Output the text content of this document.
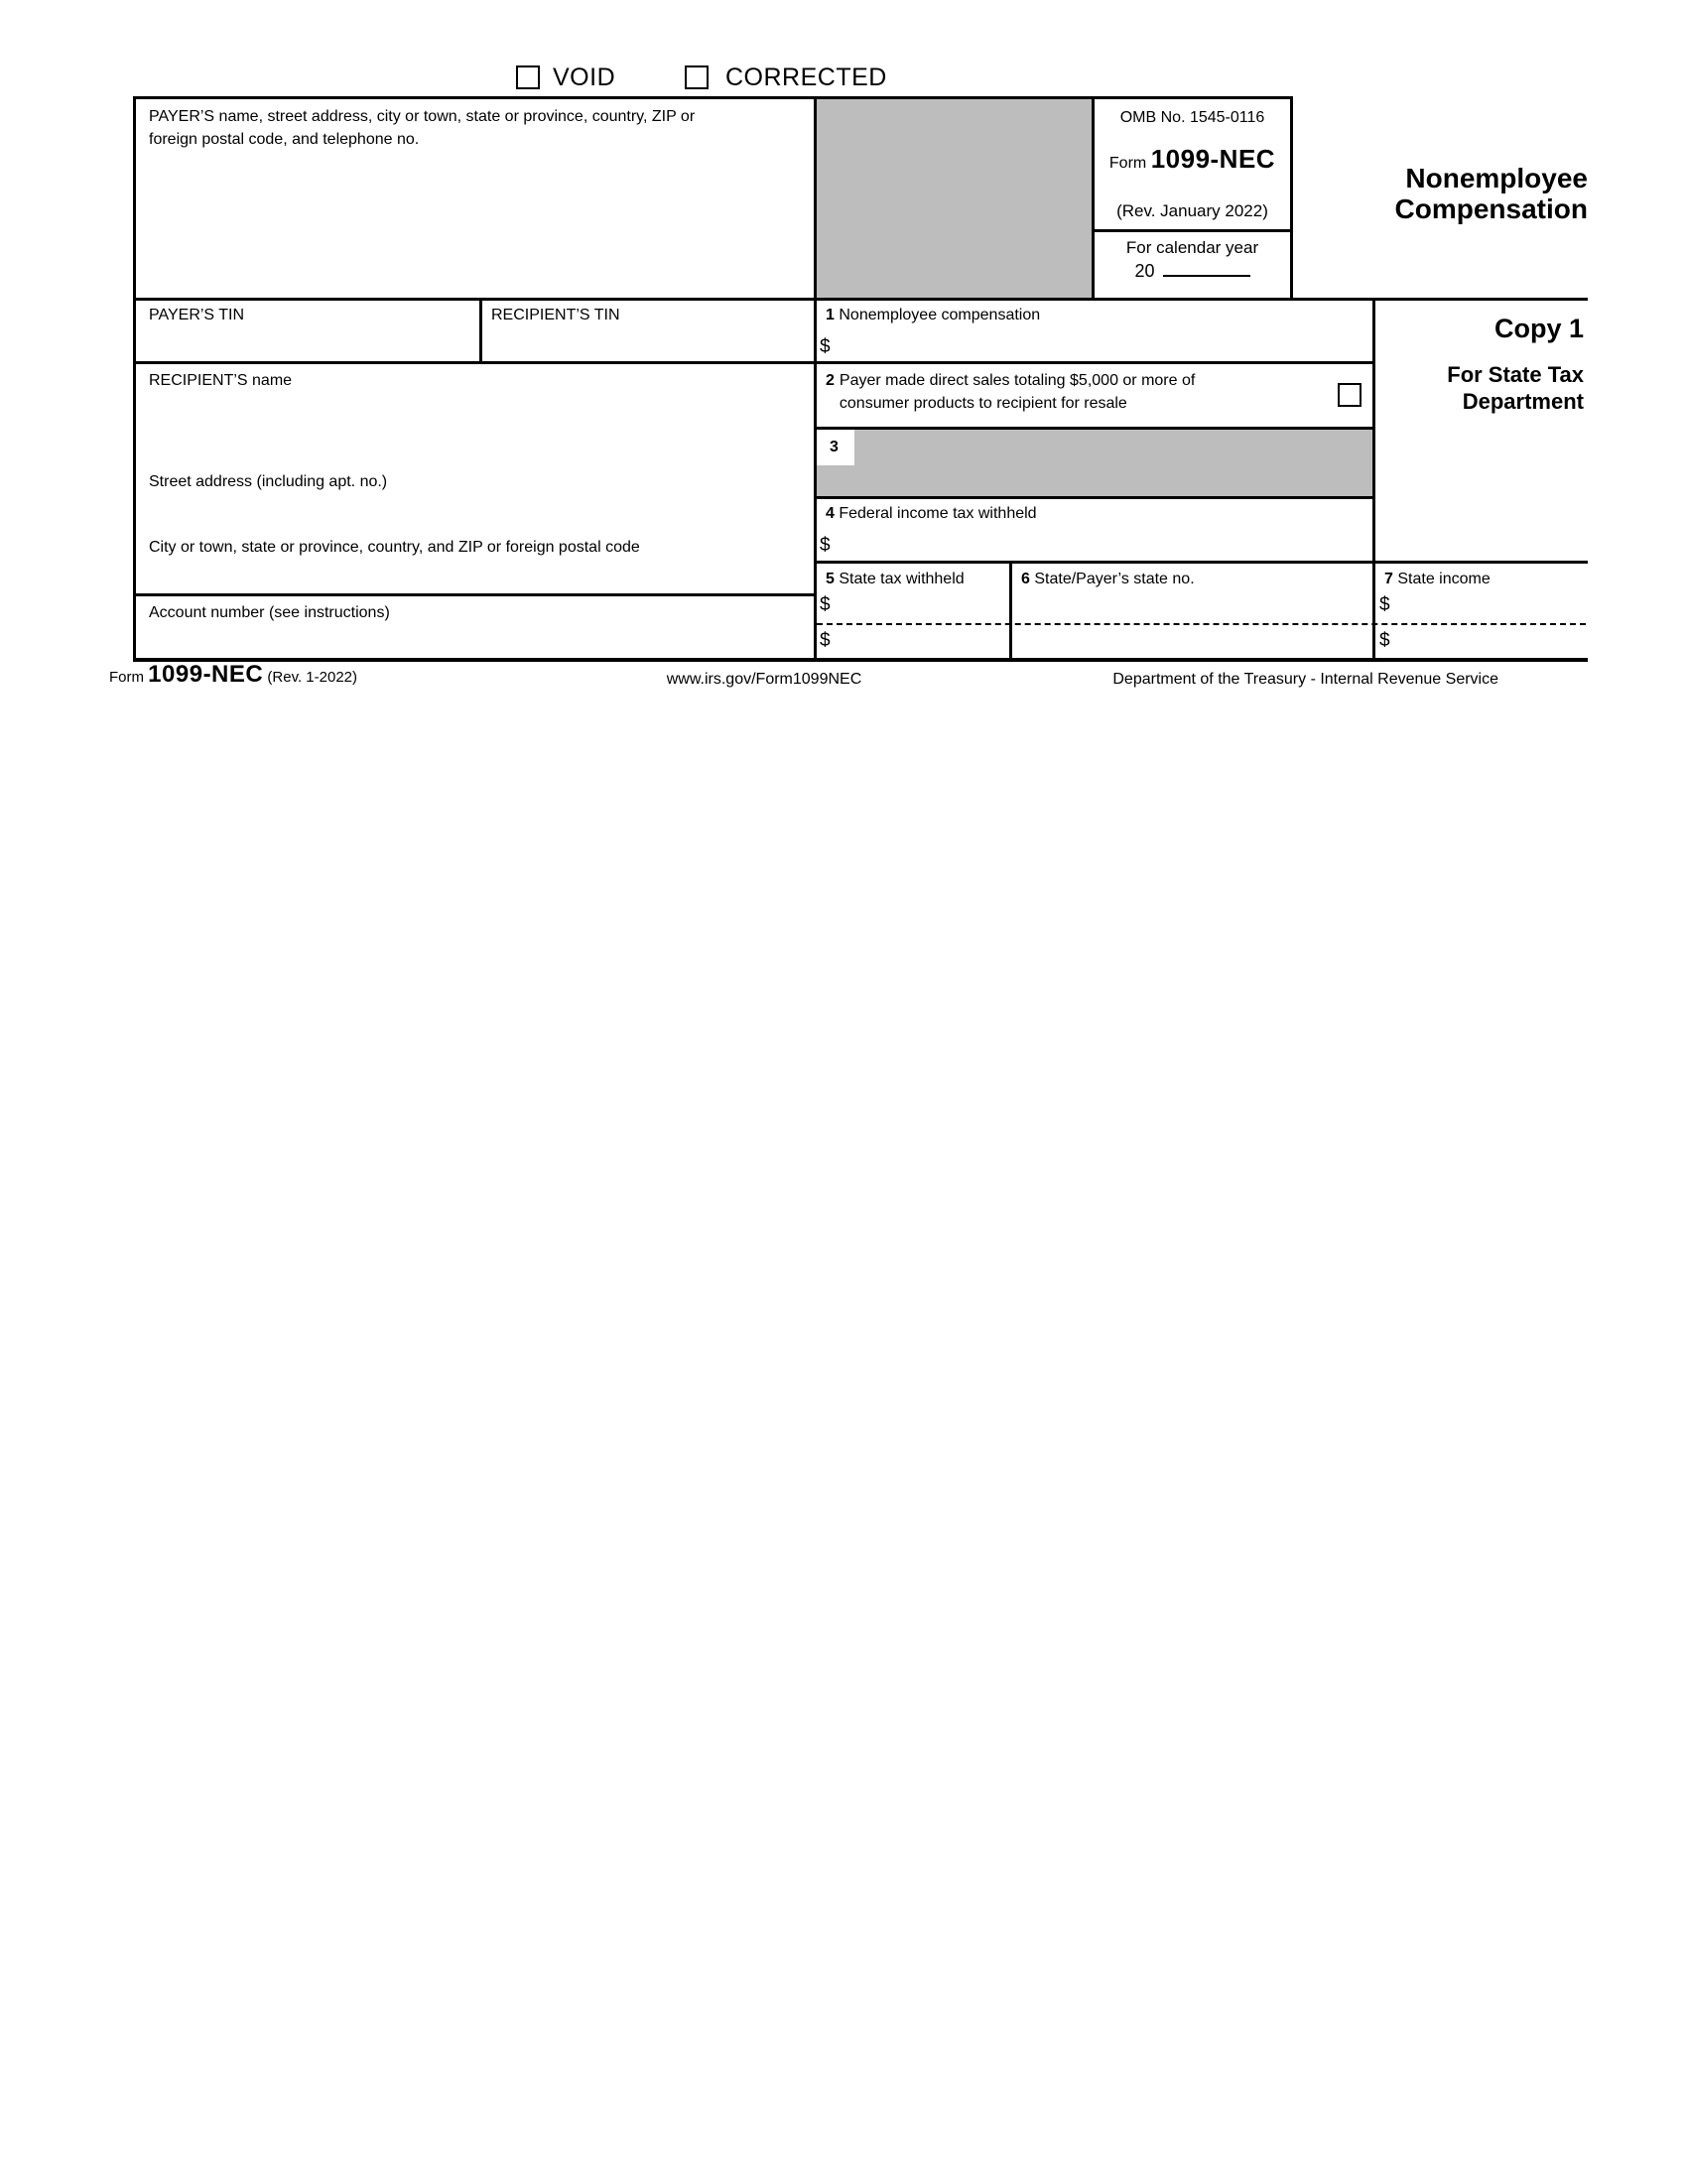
VOID	CORRECTED
PAYER’S name, street address, city or town, state or province, country, ZIP or foreign postal code, and telephone no.
OMB No. 1545-0116
Form 1099-NEC
(Rev. January 2022)
For calendar year
20
Nonemployee
Compensation
Copy 1
For State Tax
Department
PAYER’S TIN	RECIPIENT’S TIN	1 Nonemployee compensation
$
RECIPIENT’S name
Street address (including apt. no.)
City or town, state or province, country, and ZIP or foreign postal code
2 Payer made direct sales totaling $5,000 or more of consumer products to recipient for resale
3
4 Federal income tax withheld
$
5 State tax withheld
$
$
6 State/Payer’s state no.	7 State income
$
$
Account number (see instructions)
Form 1099-NEC (Rev. 1-2022)	www.irs.gov/Form1099NEC	Department of the Treasury - Internal Revenue Service
